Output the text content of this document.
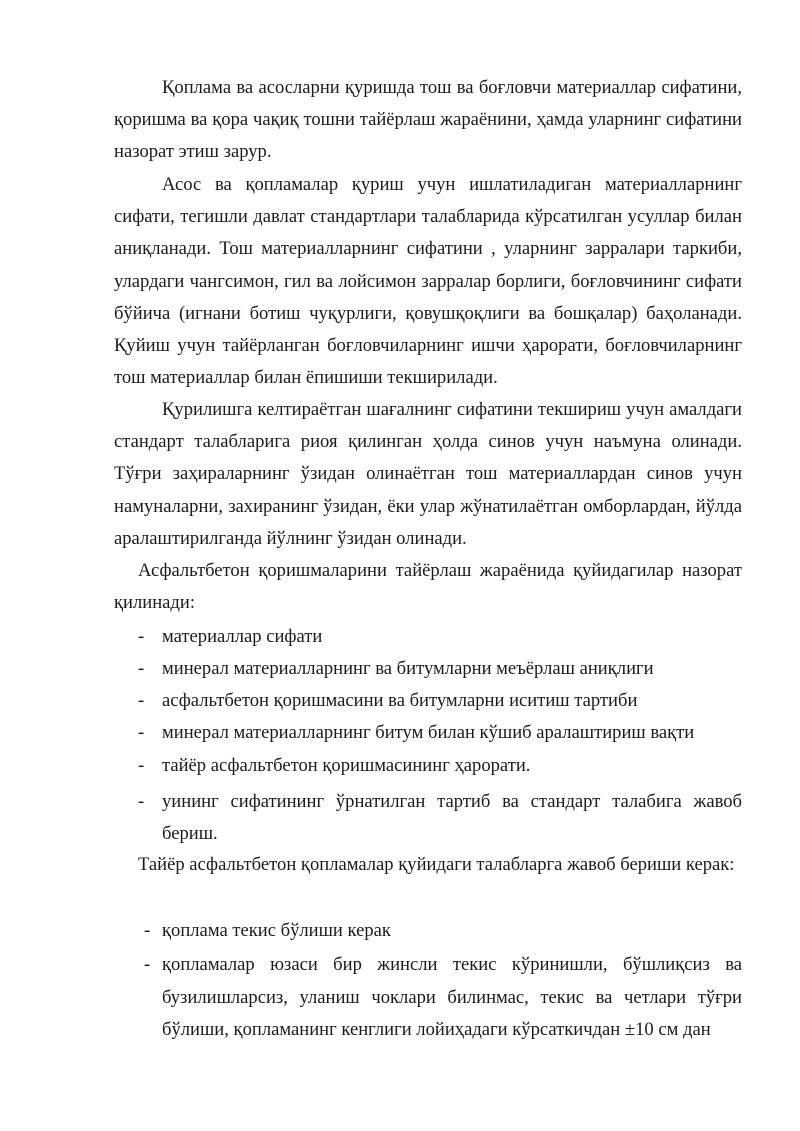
Қоплама ва асосларни қуришда тош ва боғловчи материаллар сифатини, қоришма ва қора чақиқ тошни тайёрлаш жараёнини, ҳамда уларнинг сифатини назорат этиш зарур.

Асос ва қопламалар қуриш учун ишлатиладиган материалларнинг сифати, тегишли давлат стандартлари талабларида кўрсатилган усуллар билан аниқланади. Тош материалларнинг сифатини , уларнинг зарралари таркиби, улардаги чангсимон, гил ва лойсимон зарралар борлиги, боғловчининг сифати бўйича (игнани ботиш чуқурлиги, қовушқоқлиги ва бошқалар) баҳоланади. Қуйиш учун тайёрланган боғловчиларнинг ишчи ҳарорати, боғловчиларнинг тош материаллар билан ёпишиши текширилади.

Қурилишга келтираётган шағалнинг сифатини текшириш учун амалдаги стандарт талабларига риоя қилинган ҳолда синов учун наъмуна олинади. Тўғри заҳираларнинг ўзидан олинаётган тош материаллардан синов учун намуналарни, захиранинг ўзидан, ёки улар жўнатилаётган омборлардан, йўлда аралаштирилганда йўлнинг ўзидан олинади.

Асфальтбетон қоришмаларини тайёрлаш жараёнида қуйидагилар назорат қилинади:

- материаллар сифати
- минерал материалларнинг ва битумларни меъёрлаш аниқлиги
- асфальтбетон қоришмасини ва битумларни иситиш тартиби
- минерал материалларнинг битум билан кўшиб аралаштириш вақти
- тайёр асфальтбетон қоришмасининг ҳарорати.
- уининг сифатининг ўрнатилган тартиб ва стандарт талабига жавоб бериш.

Тайёр асфальтбетон қопламалар қуйидаги талабларга жавоб бериши керак:

- қоплама текис бўлиши керак
- қопламалар юзаси бир жинсли текис кўринишли, бўшлиқсиз ва бузилишларсиз, уланиш чоклари билинмас, текис ва четлари тўғри бўлиши, қопламанинг кенглиги лойиҳадаги кўрсаткичдан ±10 см дан
